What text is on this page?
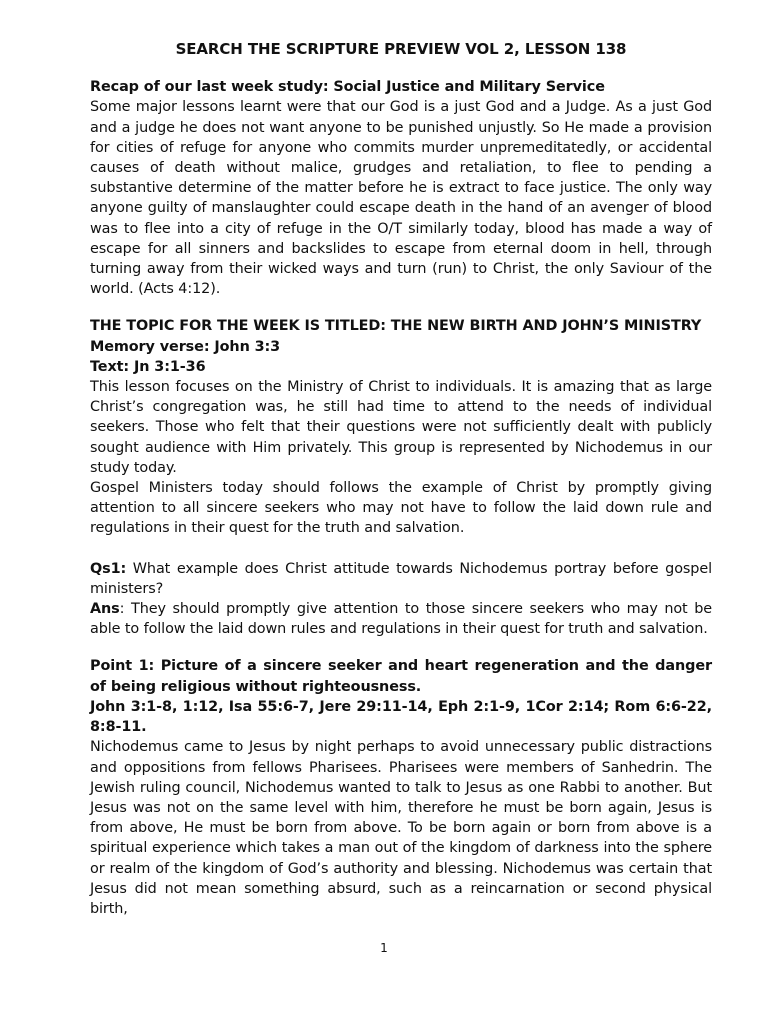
SEARCH THE SCRIPTURE PREVIEW VOL 2, LESSON 138
Recap of our last week study: Social Justice and Military Service

Some major lessons learnt were that our God is a just God and a Judge. As a just God and a judge he does not want anyone to be punished unjustly. So He made a provision for cities of refuge for anyone who commits murder unpremeditatedly, or accidental causes of death without malice, grudges and retaliation, to flee to pending a substantive determine of the matter before he is extract to face justice. The only way anyone guilty of manslaughter could escape death in the hand of an avenger of blood was to flee into a city of refuge in the O/T similarly today, blood has made a way of escape for all sinners and backslides to escape from eternal doom in hell, through turning away from their wicked ways and turn (run) to Christ, the only Saviour of the world. (Acts 4:12).

THE TOPIC FOR THE WEEK IS TITLED: THE NEW BIRTH AND JOHN’S MINISTRY
Memory verse: John 3:3
Text: Jn 3:1-36

This lesson focuses on the Ministry of Christ to individuals. It is amazing that as large Christ’s congregation was, he still had time to attend to the needs of individual seekers. Those who felt that their questions were not sufficiently dealt with publicly sought audience with Him privately. This group is represented by Nichodemus in our study today.

Gospel Ministers today should follows the example of Christ by promptly giving attention to all sincere seekers who may not have to follow the laid down rule and regulations in their quest for the truth and salvation.

Qs1: What example does Christ attitude towards Nichodemus portray before gospel ministers?

Ans: They should promptly give attention to those sincere seekers who may not be able to follow the laid down rules and regulations in their quest for truth and salvation.

Point 1: Picture of a sincere seeker and heart regeneration and the danger of being religious without righteousness.
John 3:1-8, 1:12, Isa 55:6-7, Jere 29:11-14, Eph 2:1-9, 1Cor 2:14; Rom 6:6-22, 8:8-11.

Nichodemus came to Jesus by night perhaps to avoid unnecessary public distractions and oppositions from fellows Pharisees. Pharisees were members of Sanhedrin. The Jewish ruling council, Nichodemus wanted to talk to Jesus as one Rabbi to another. But Jesus was not on the same level with him, therefore he must be born again, Jesus is from above, He must be born from above. To be born again or born from above is a spiritual experience which takes a man out of the kingdom of darkness into the sphere or realm of the kingdom of God’s authority and blessing. Nichodemus was certain that Jesus did not mean something absurd, such as a reincarnation or second physical birth,

1
